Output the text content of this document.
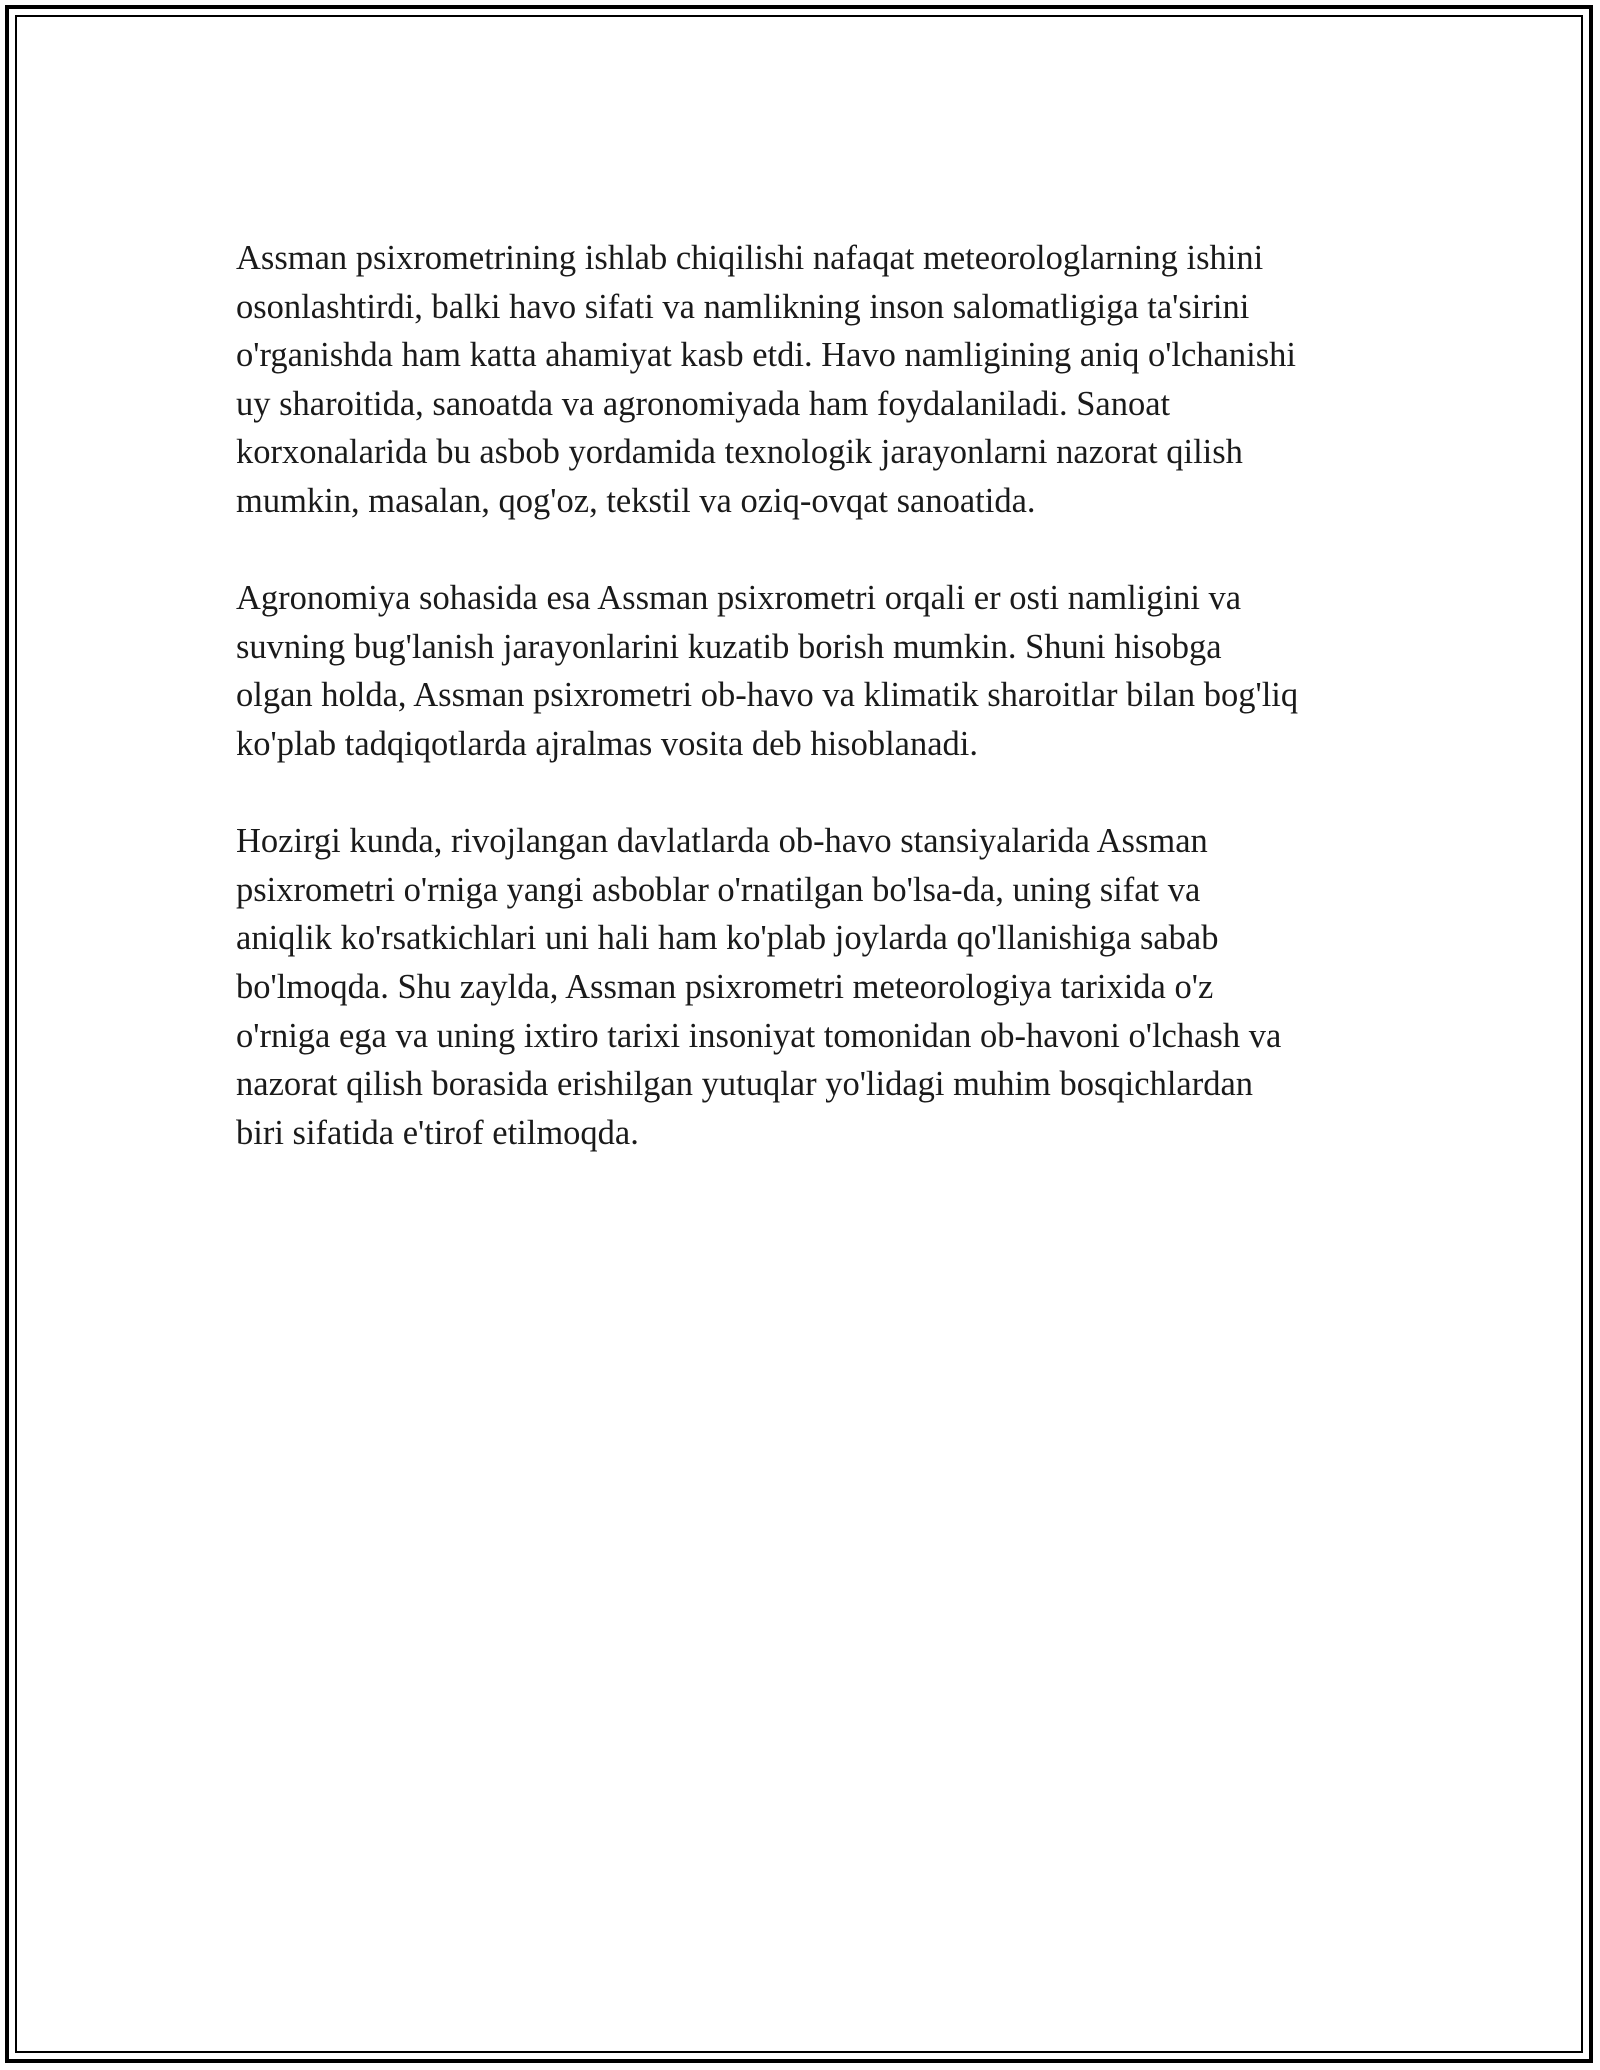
Assman psixrometrining ishlab chiqilishi nafaqat meteorologlarning ishini
osonlashtirdi, balki havo sifati va namlikning inson salomatligiga ta'sirini
o'rganishda ham katta ahamiyat kasb etdi. Havo namligining aniq o'lchanishi
uy sharoitida, sanoatda va agronomiyada ham foydalaniladi. Sanoat
korxonalarida bu asbob yordamida texnologik jarayonlarni nazorat qilish
mumkin, masalan, qog'oz, tekstil va oziq-ovqat sanoatida.

Agronomiya sohasida esa Assman psixrometri orqali er osti namligini va
suvning bug'lanish jarayonlarini kuzatib borish mumkin. Shuni hisobga
olgan holda, Assman psixrometri ob-havo va klimatik sharoitlar bilan bog'liq
ko'plab tadqiqotlarda ajralmas vosita deb hisoblanadi.

Hozirgi kunda, rivojlangan davlatlarda ob-havo stansiyalarida Assman
psixrometri o'rniga yangi asboblar o'rnatilgan bo'lsa-da, uning sifat va
aniqlik ko'rsatkichlari uni hali ham ko'plab joylarda qo'llanishiga sabab
bo'lmoqda. Shu zaylda, Assman psixrometri meteorologiya tarixida o'z
o'rniga ega va uning ixtiro tarixi insoniyat tomonidan ob-havoni o'lchash va
nazorat qilish borasida erishilgan yutuqlar yo'lidagi muhim bosqichlardan
biri sifatida e'tirof etilmoqda.
